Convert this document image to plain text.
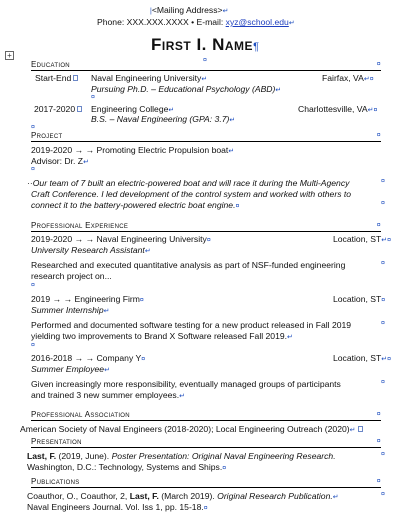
+
|<Mailing Address>↵
Phone: XXX.XXX.XXXX • E-mail: xyz@school.edu↵
First I. Name¶
¤
Education	¤
Start-End	Naval Engineering University↵	Fairfax, VA↵¤
Pursuing Ph.D. – Educational Psychology (ABD)↵
¤
2017-2020	Engineering College↵	Charlottesville, VA↵¤
B.S. – Naval Engineering (GPA: 3.7)↵
¤
Project	¤
2019-2020 → → Promoting Electric Propulsion boat↵
Advisor: Dr. Z↵
¤
··Our team of 7 built an electric-powered boat and will race it during the Multi-Agency
Craft Conference. I led development of the control system and worked with others to
connect it to the battery-powered electric boat engine.¤
¤
¤
Professional Experience	¤
2019-2020 → → Naval Engineering University¤	Location, ST↵¤
University Research Assistant↵
Researched and executed quantitative analysis as part of NSF-funded engineering
research project on...
¤
¤
2019 → → Engineering Firm¤	Location, ST¤
Summer Internship↵
Performed and documented software testing for a new product released in Fall 2019
yielding two improvements to Brand X Software released Fall 2019.↵
¤
¤
2016-2018 → → Company Y¤	Location, ST↵¤
Summer Employee↵
Given increasingly more responsibility, eventually managed groups of participants
and trained 3 new summer employees.↵
¤
Professional Association	¤
American Society of Naval Engineers (2018-2020); Local Engineering Outreach (2020)↵
Presentation	¤
Last, F. (2019, June). Poster Presentation: Original Naval Engineering Research.
Washington, D.C.: Technology, Systems and Ships.¤
¤
Publications	¤
Coauthor, O., Coauthor, 2, Last, F. (March 2019). Original Research Publication.↵
Naval Engineers Journal. Vol. Iss 1, pp. 15-18.¤
¤
